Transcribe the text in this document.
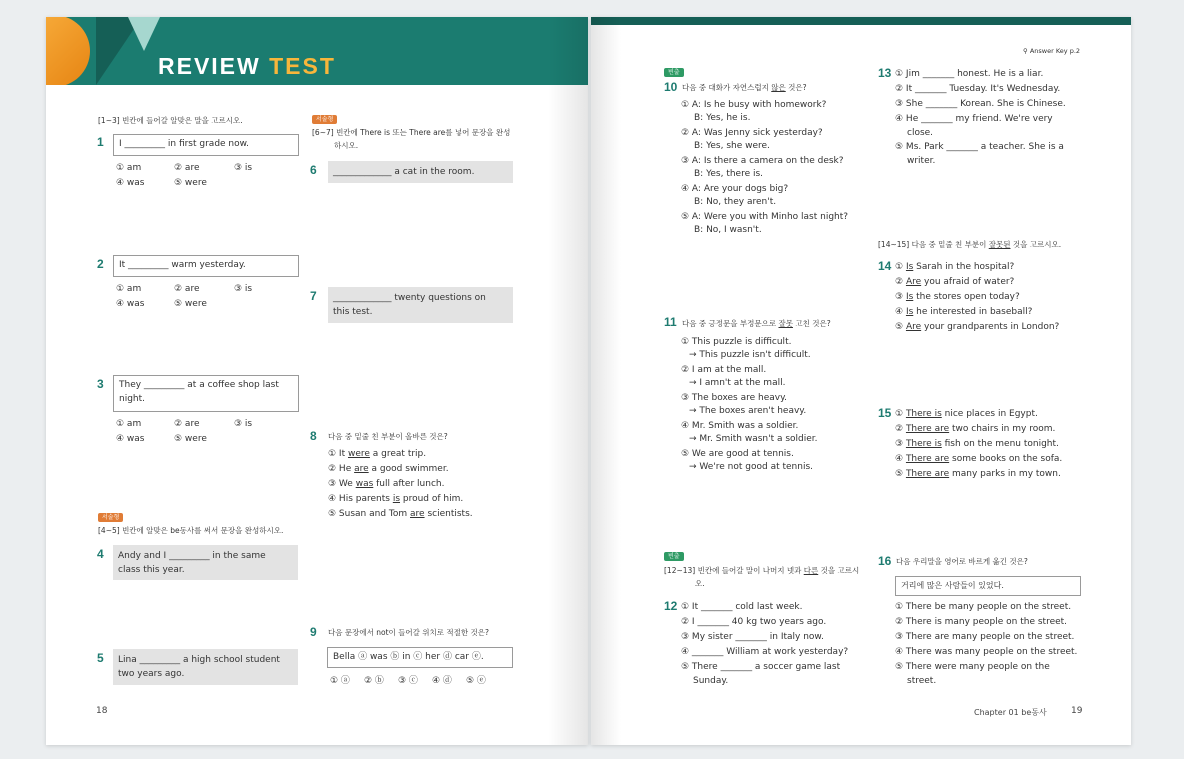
REVIEW TEST
[1~3] 빈칸에 들어갈 알맞은 말을 고르시오.
1	I _________ in first grade now.
① am	② are	③ is
④ was	⑤ were
2	It _________ warm yesterday.
① am	② are	③ is
④ was	⑤ were
3 They _________ at a coffee shop last
night.
① am	② are	③ is
④ was	⑤ were
서술형
[4~5] 빈칸에 알맞은 be동사를 써서 문장을 완성하시오.
4 Andy and I _________ in the same
class this year.
5 Lina _________ a high school student
two years ago.
서술형
[6~7] 빈칸에 There is 또는 There are를 넣어 문장을 완성
하시오.
6	_____________ a cat in the room.
7 _____________ twenty questions on
this test.
8 다음 중 밑줄 친 부분이 올바른 것은?
① It were a great trip.
② He are a good swimmer.
③ We was full after lunch.
④ His parents is proud of him.
⑤ Susan and Tom are scientists.
9 다음 문장에서 not이 들어갈 위치로 적절한 것은?
Bella ⓐ was ⓑ in ⓒ her ⓓ car ⓔ.
① ⓐ ② ⓑ ③ ⓒ ④ ⓓ ⑤ ⓔ
18
⚲ Answer Key p.2
빈출
10 다음 중 대화가 자연스럽지 않은 것은?
① A: Is he busy with homework?
B: Yes, he is.
② A: Was Jenny sick yesterday?
B: Yes, she were.
③ A: Is there a camera on the desk?
B: Yes, there is.
④ A: Are your dogs big?
B: No, they aren't.
⑤ A: Were you with Minho last night?
B: No, I wasn't.
11 다음 중 긍정문을 부정문으로 잘못 고친 것은?
① This puzzle is difficult.
→ This puzzle isn't difficult.
② I am at the mall.
→ I amn't at the mall.
③ The boxes are heavy.
→ The boxes aren't heavy.
④ Mr. Smith was a soldier.
→ Mr. Smith wasn't a soldier.
⑤ We are good at tennis.
→ We're not good at tennis.
빈출
[12~13] 빈칸에 들어갈 말이 나머지 넷과 다른 것을 고르시
오.
12 ① It _______ cold last week.
② I _______ 40 kg two years ago.
③ My sister _______ in Italy now.
④ _______ William at work yesterday?
⑤ There _______ a soccer game last
Sunday.
13 ① Jim _______ honest. He is a liar.
② It _______ Tuesday. It's Wednesday.
③ She _______ Korean. She is Chinese.
④ He _______ my friend. We're very
close.
⑤ Ms. Park _______ a teacher. She is a
writer.
[14~15] 다음 중 밑줄 친 부분이 잘못된 것을 고르시오.
14 ① Is Sarah in the hospital?
② Are you afraid of water?
③ Is the stores open today?
④ Is he interested in baseball?
⑤ Are your grandparents in London?
15 ① There is nice places in Egypt.
② There are two chairs in my room.
③ There is fish on the menu tonight.
④ There are some books on the sofa.
⑤ There are many parks in my town.
16 다음 우리말을 영어로 바르게 옮긴 것은?
거리에 많은 사람들이 있었다.
① There be many people on the street.
② There is many people on the street.
③ There are many people on the street.
④ There was many people on the street.
⑤ There were many people on the
street.
Chapter 01 be동사	19
